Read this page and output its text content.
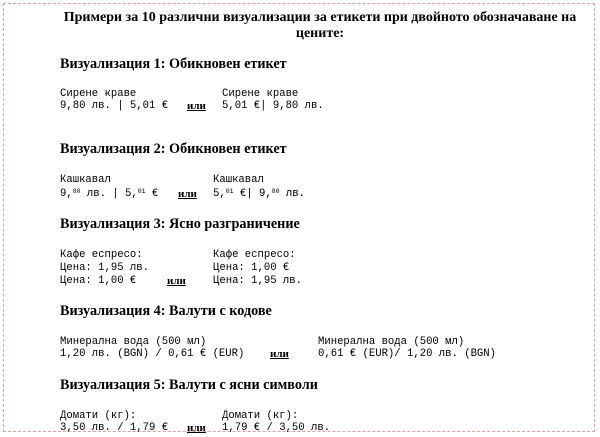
Примери за 10 различни визуализации за етикети при двойното обозначаване на цените:
Визуализация 1: Обикновен етикет
Сирене краве
9,80 лв. | 5,01 € или
Сирене краве
5,01 €| 9,80 лв.
Визуализация 2: Обикновен етикет
Кашкавал
9,80 лв. | 5,01 € или
Кашкавал
5,01 €| 9,80 лв.
Визуализация 3: Ясно разграничение
Кафе еспресо:
Цена: 1,95 лв.
Цена: 1,00 €	или
Кафе еспресо:
Цена: 1,00 €
Цена: 1,95 лв.
Визуализация 4: Валути с кодове
Минерална вода (500 мл)
1,20 лв. (BGN) / 0,61 € (EUR) или
Минерална вода (500 мл)
0,61 € (EUR)/ 1,20 лв. (BGN)
Визуализация 5: Валути с ясни символи
Домати (кг):
3,50 лв. / 1,79 € или
Домати (кг):
1,79 € / 3,50 лв.
